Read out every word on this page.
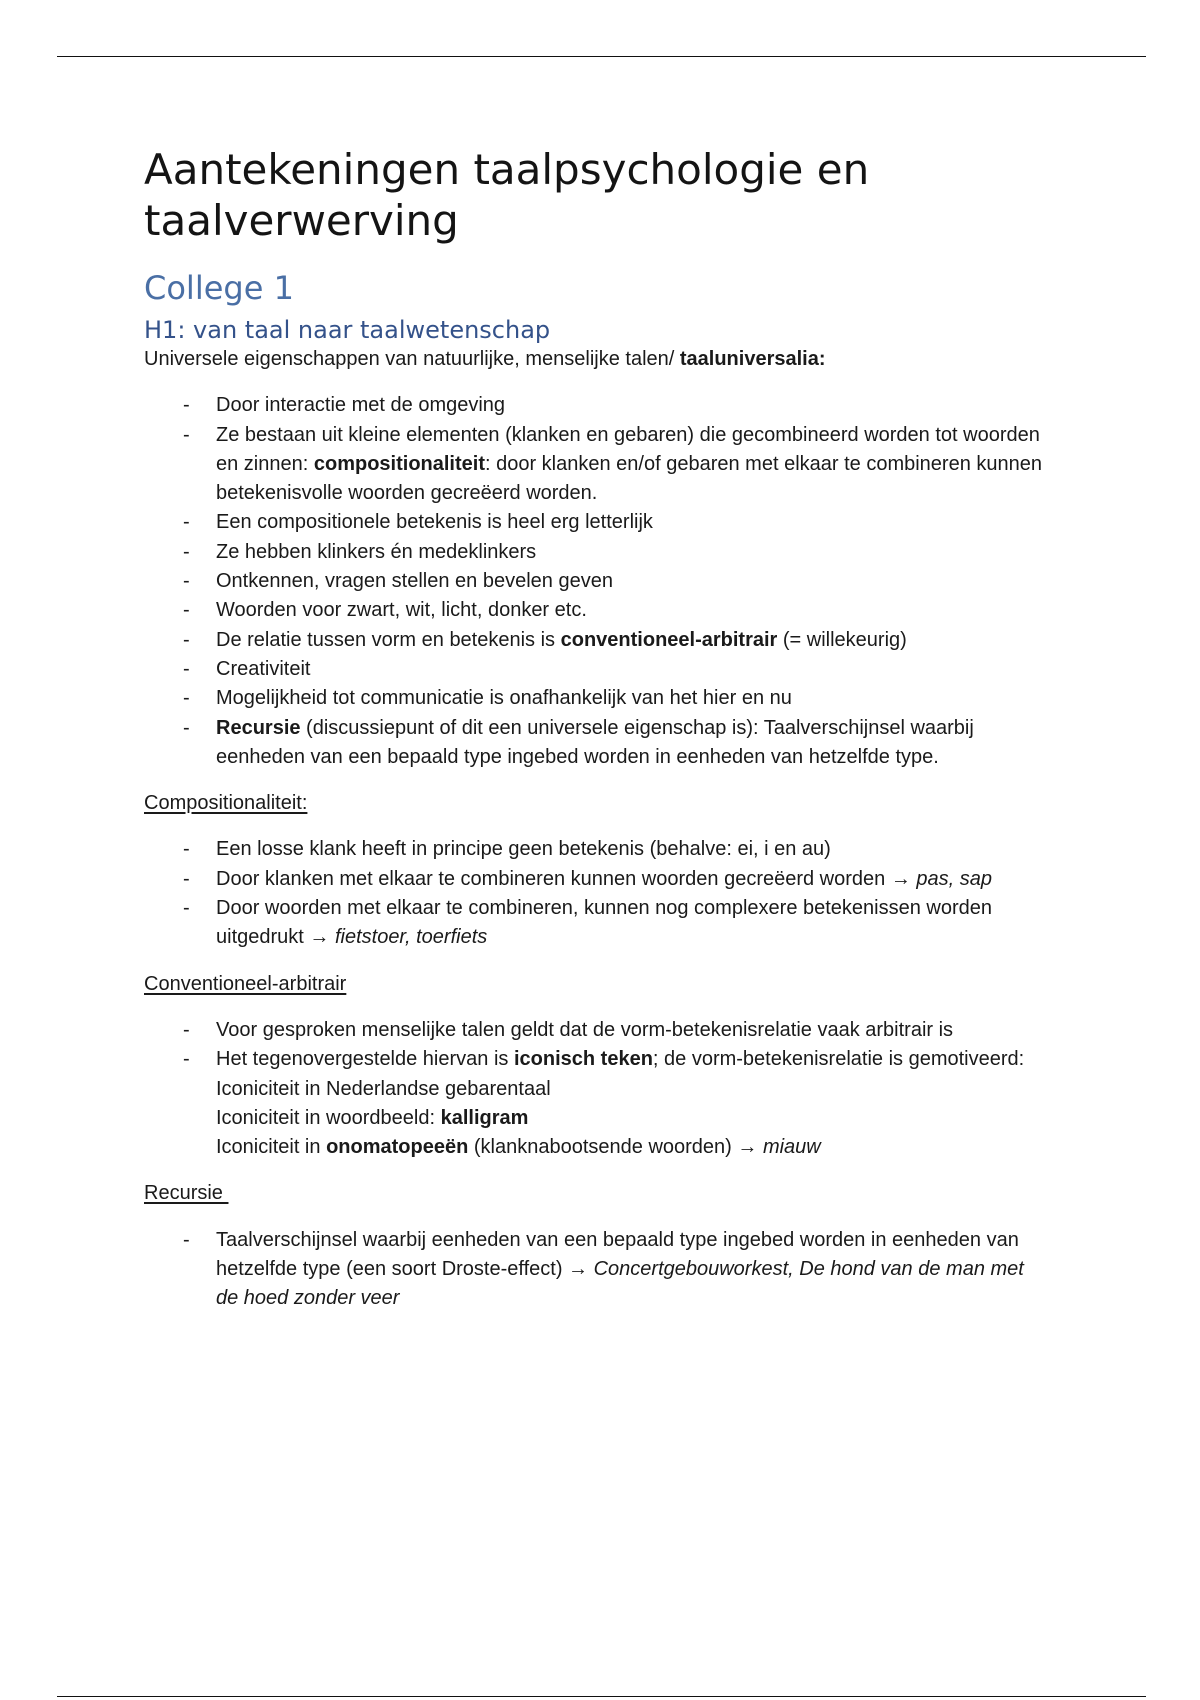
Aantekeningen taalpsychologie en
taalverwerving
College 1
H1: van taal naar taalwetenschap

Universele eigenschappen van natuurlijke, menselijke talen/ taaluniversalia:

- Door interactie met de omgeving
- Ze bestaan uit kleine elementen (klanken en gebaren) die gecombineerd worden tot woorden
en zinnen: compositionaliteit: door klanken en/of gebaren met elkaar te combineren kunnen
betekenisvolle woorden gecreëerd worden.
- Een compositionele betekenis is heel erg letterlijk
- Ze hebben klinkers én medeklinkers
- Ontkennen, vragen stellen en bevelen geven
- Woorden voor zwart, wit, licht, donker etc.
- De relatie tussen vorm en betekenis is conventioneel-arbitrair (= willekeurig)
- Creativiteit
- Mogelijkheid tot communicatie is onafhankelijk van het hier en nu
- Recursie (discussiepunt of dit een universele eigenschap is): Taalverschijnsel waarbij
eenheden van een bepaald type ingebed worden in eenheden van hetzelfde type.

Compositionaliteit:

- Een losse klank heeft in principe geen betekenis (behalve: ei, i en au)
- Door klanken met elkaar te combineren kunnen woorden gecreëerd worden → pas, sap
- Door woorden met elkaar te combineren, kunnen nog complexere betekenissen worden
uitgedrukt → fietstoer, toerfiets

Conventioneel-arbitrair

- Voor gesproken menselijke talen geldt dat de vorm-betekenisrelatie vaak arbitrair is
- Het tegenovergestelde hiervan is iconisch teken; de vorm-betekenisrelatie is gemotiveerd:
Iconiciteit in Nederlandse gebarentaal
Iconiciteit in woordbeeld: kalligram
Iconiciteit in onomatopeeën (klanknabootsende woorden) → miauw

Recursie

- Taalverschijnsel waarbij eenheden van een bepaald type ingebed worden in eenheden van
hetzelfde type (een soort Droste-effect) → Concertgebouworkest, De hond van de man met
de hoed zonder veer
